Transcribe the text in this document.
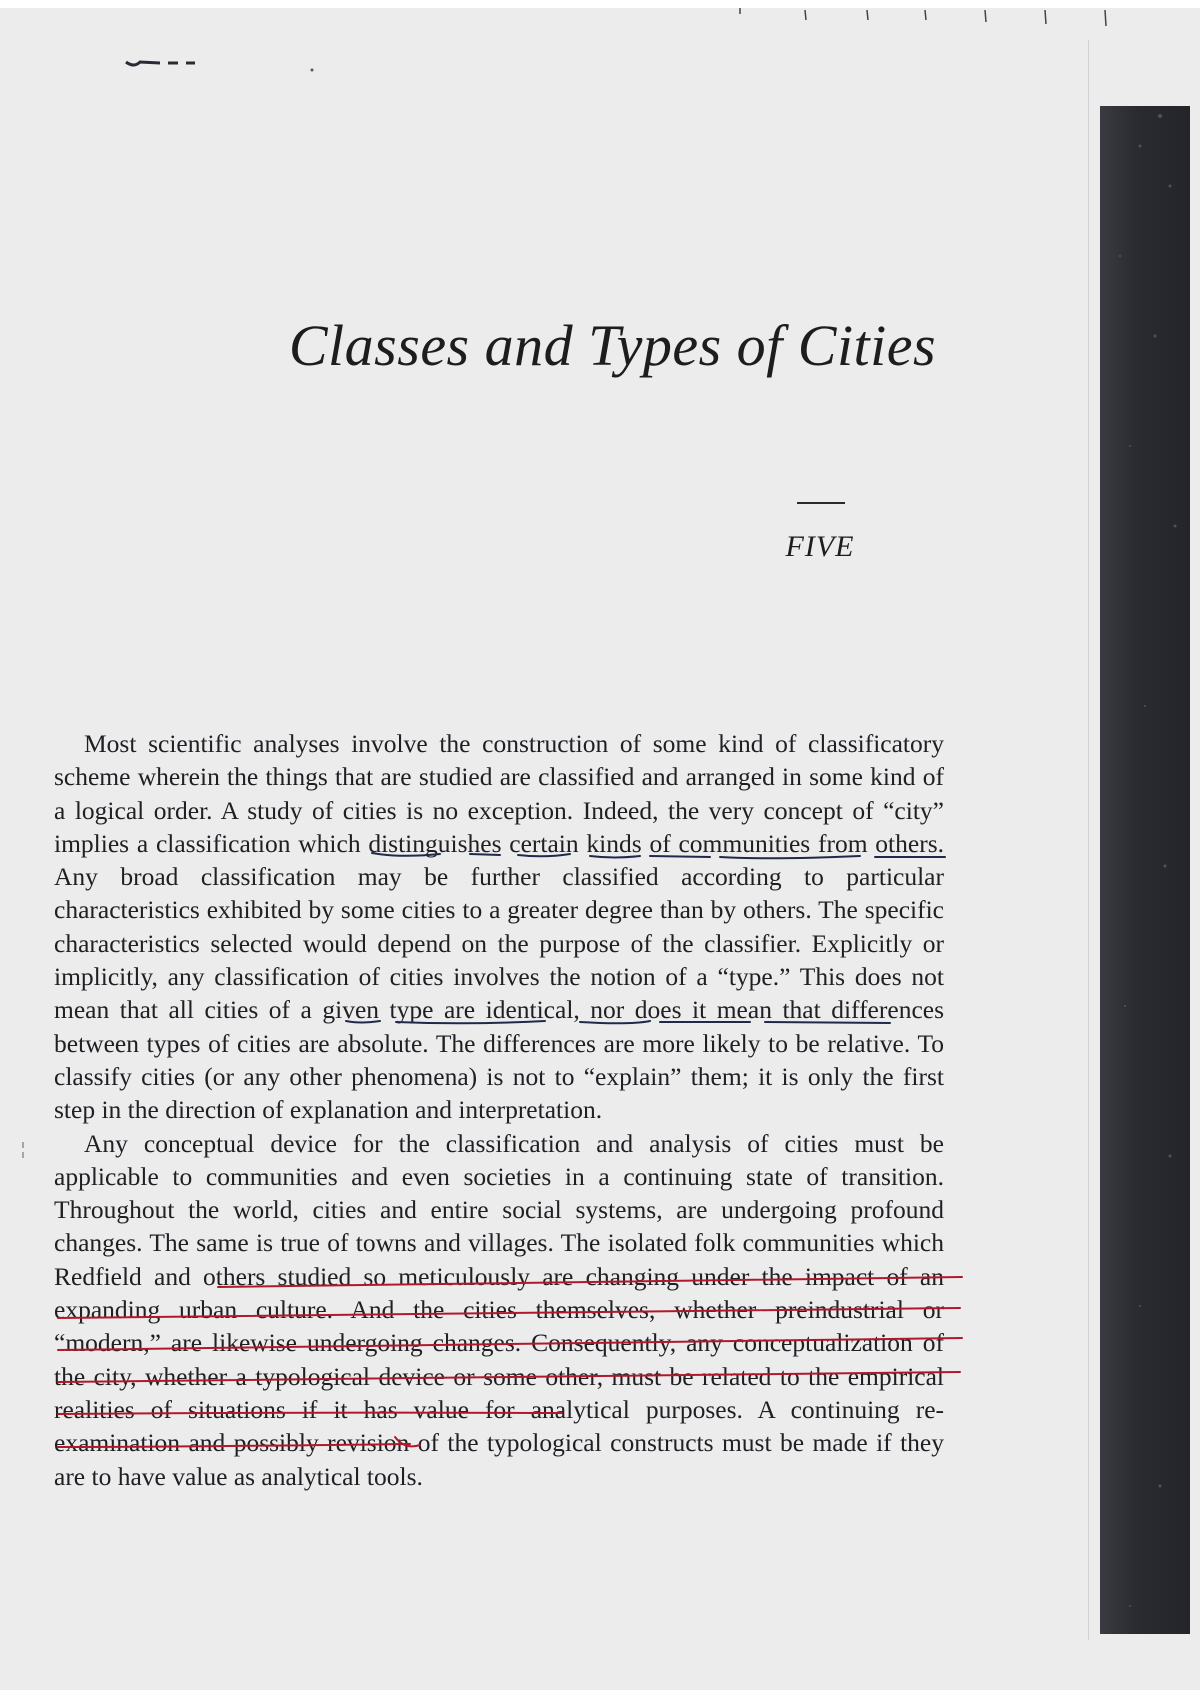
Classes and Types of Cities
FIVE

Most scientific analyses involve the construction of some kind of classificatory scheme wherein the things that are studied are classified and arranged in some kind of a logical order. A study of cities is no exception. Indeed, the very concept of “city” implies a classification which distinguishes certain kinds of communities from others. Any broad classification may be further classified according to particular characteristics exhibited by some cities to a greater degree than by others. The specific characteristics selected would depend on the purpose of the classifier. Explicitly or implicitly, any classification of cities involves the notion of a “type.” This does not mean that all cities of a given type are identical, nor does it mean that differences between types of cities are absolute. The differences are more likely to be relative. To classify cities (or any other phenomena) is not to “explain” them; it is only the first step in the direction of explanation and interpretation.

Any conceptual device for the classification and analysis of cities must be applicable to communities and even societies in a continuing state of transition. Throughout the world, cities and entire social systems, are undergoing profound changes. The same is true of towns and villages. The isolated folk communities which Redfield and others studied so meticulously are changing under the impact of an expanding urban culture. And the cities themselves, whether preindustrial or “modern,” are likewise undergoing changes. Consequently, any conceptualization of the city, whether a typological device or some other, must be related to the empirical realities of situations if it has value for analytical purposes. A continuing re-examination and possibly revision of the typological constructs must be made if they are to have value as analytical tools.
